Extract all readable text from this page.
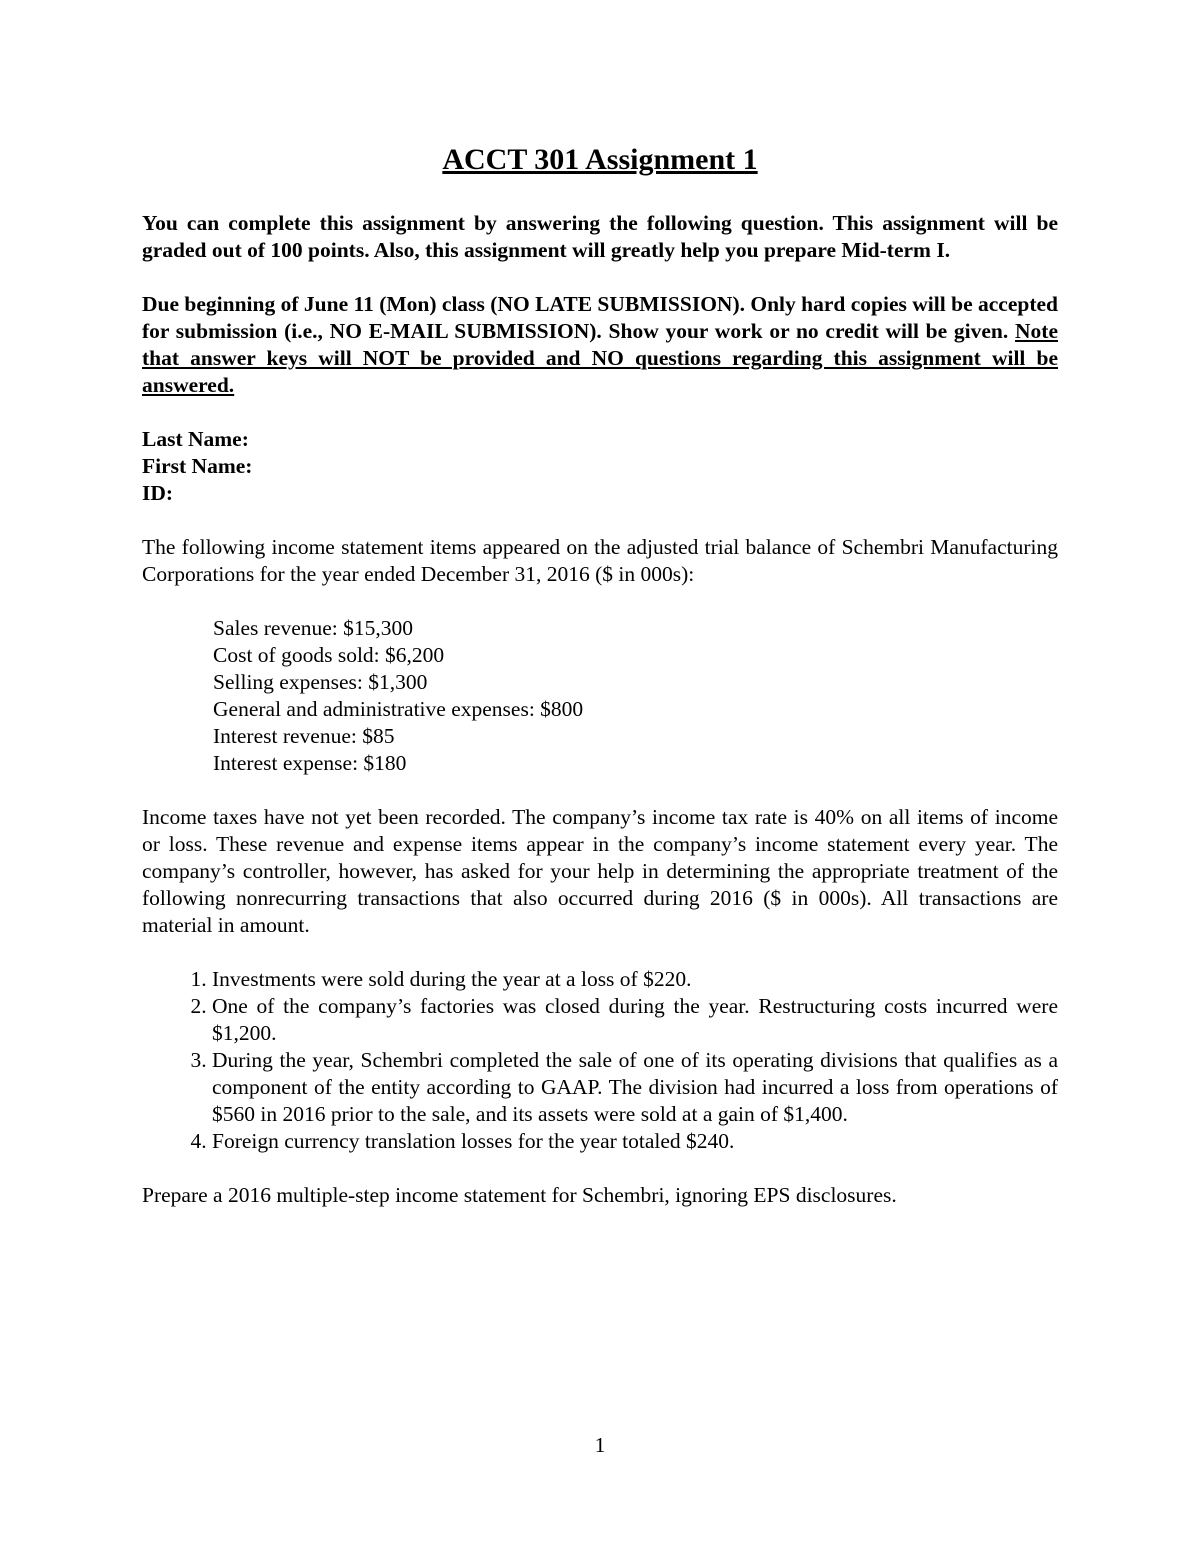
ACCT 301 Assignment 1
You can complete this assignment by answering the following question. This assignment will be graded out of 100 points. Also, this assignment will greatly help you prepare Mid-term I.
Due beginning of June 11 (Mon) class (NO LATE SUBMISSION). Only hard copies will be accepted for submission (i.e., NO E-MAIL SUBMISSION). Show your work or no credit will be given. Note that answer keys will NOT be provided and NO questions regarding this assignment will be answered.
Last Name:
First Name:
ID:
The following income statement items appeared on the adjusted trial balance of Schembri Manufacturing Corporations for the year ended December 31, 2016 ($ in 000s):
Sales revenue: $15,300
Cost of goods sold: $6,200
Selling expenses: $1,300
General and administrative expenses: $800
Interest revenue: $85
Interest expense: $180
Income taxes have not yet been recorded. The company’s income tax rate is 40% on all items of income or loss. These revenue and expense items appear in the company’s income statement every year. The company’s controller, however, has asked for your help in determining the appropriate treatment of the following nonrecurring transactions that also occurred during 2016 ($ in 000s). All transactions are material in amount.
1. Investments were sold during the year at a loss of $220.
2. One of the company’s factories was closed during the year. Restructuring costs incurred were $1,200.
3. During the year, Schembri completed the sale of one of its operating divisions that qualifies as a component of the entity according to GAAP. The division had incurred a loss from operations of $560 in 2016 prior to the sale, and its assets were sold at a gain of $1,400.
4. Foreign currency translation losses for the year totaled $240.
Prepare a 2016 multiple-step income statement for Schembri, ignoring EPS disclosures.
1
